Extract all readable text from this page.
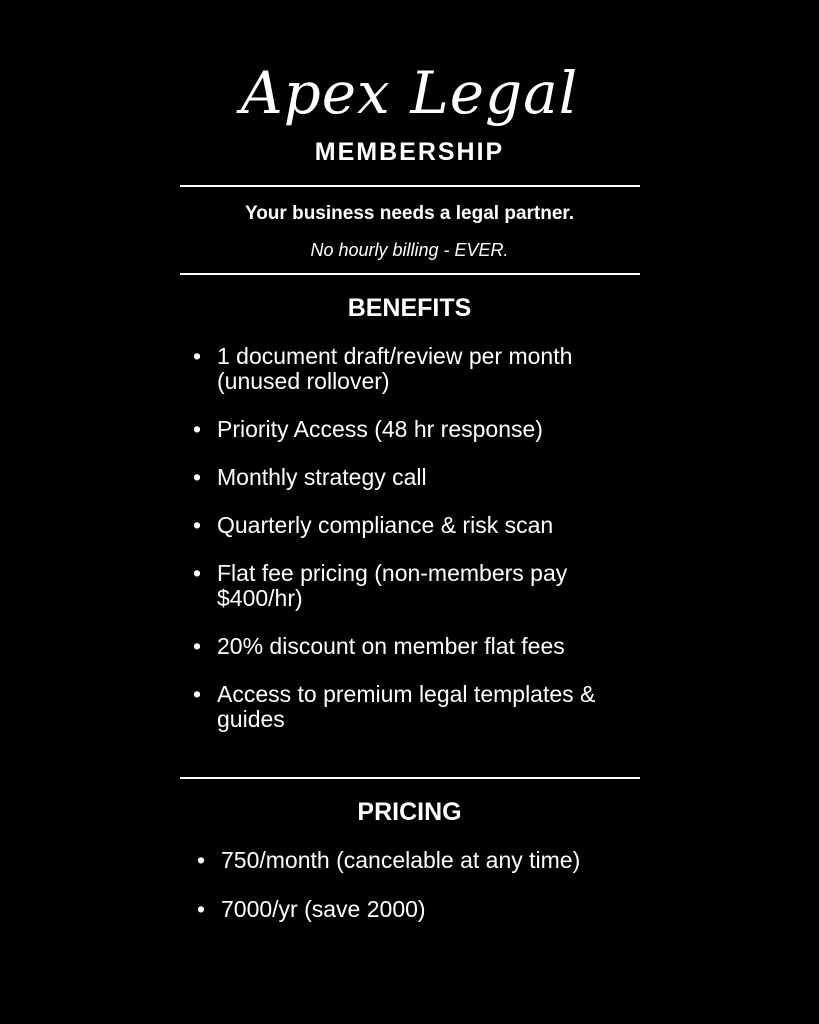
Apex Legal
MEMBERSHIP
Your business needs a legal partner.
No hourly billing - EVER.
BENEFITS
• 1 document draft/review per month (unused rollover)
• Priority Access (48 hr response)
• Monthly strategy call
• Quarterly compliance & risk scan
• Flat fee pricing (non-members pay $400/hr)
• 20% discount on member flat fees
• Access to premium legal templates & guides
PRICING
• 750/month (cancelable at any time)
• 7000/yr (save 2000)
